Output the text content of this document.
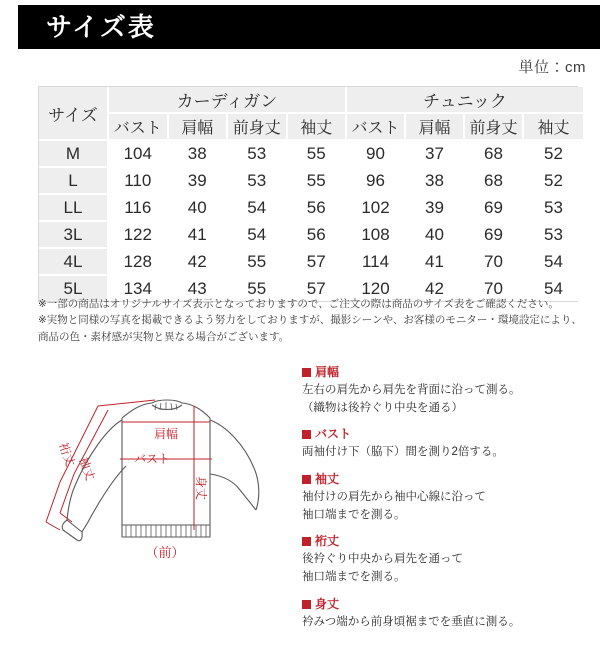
サイズ表
単位：cm
サイズ	カーディガン				チュニック			
	バスト	肩幅	前身丈	袖丈	バスト	肩幅	前身丈	袖丈
M	104	38	53	55	90	37	68	52
L	110	39	53	55	96	38	68	52
LL	116	40	54	56	102	39	69	53
3L	122	41	54	56	108	40	69	53
4L	128	42	55	57	114	41	70	54
5L	134	43	55	57	120	42	70	54

※一部の商品はオリジナルサイズ表示となっておりますので、ご注文の際は商品のサイズ表をご確認ください。

※実物と同様の写真を掲載できるよう努力をしておりますが、撮影シーンや、お客様のモニター・環境設定により、商品の色・素材感が実物と異なる場合がございます。

肩幅
バスト
身丈
袖丈
裄丈
（前）
肩幅
左右の肩先から肩先を背面に沿って測る。
（織物は後衿ぐり中央を通る）
バスト
両袖付け下（脇下）間を測り2倍する。
袖丈
袖付けの肩先から袖中心線に沿って
袖口端までを測る。
裄丈
後衿ぐり中央から肩先を通って
袖口端までを測る。
身丈
衿みつ端から前身頃裾までを垂直に測る。
